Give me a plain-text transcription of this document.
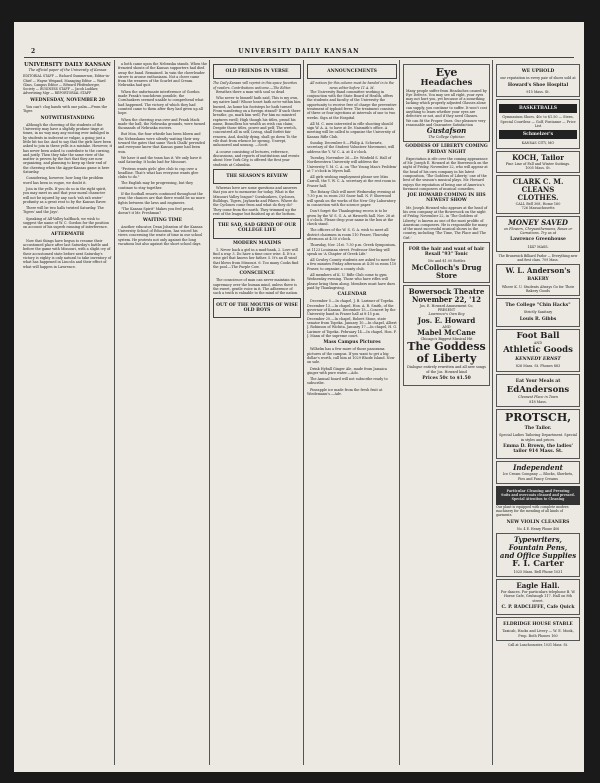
2	UNIVERSITY DAILY KANSAN
UNIVERSITY DAILY KANSAN
The official paper of the University of Kansas
EDITORIAL STAFF — Richard Gummerson, Editor-in-Chief — Wayne Weigand, Managing Editor — Ward Glass, Campus Editor — Edward Pfeifenberger, Society — BUSINESS STAFF — Jacob Ludiker, Advertising Mgr — REPORTORIAL STAFF
WEDNESDAY, NOVEMBER 20

You can't clog hands with one palm.—From the Tiger.

NOTWITHSTANDING

Although the cheering of the students of the University may have a slightly profane tinge at times, in no way may any rooting ever indulged in by students in indecent or vulgar, a going just a little bit too far. And to say that the girls have been asked to join in these yells is a mistake. However, it has never been asked to contribute to the cursing, and justly. Then they take the same view of the matter is proven by the fact that they are now organizing, and planning to keep up their end of the cheering when the Aggie-Kansas game is here Saturday.

Considering, however, how long the problem word has been in vogue, we doubt it.

Join in the yells. If you do so in the right spirit, you may meet us and that your moral character will not be injured by any such 'rah rah water' profanity as a great rent to by the Kansas Eaver.

There will be two halls twisted Saturday. The Tigers' and the Jays'.

Speaking of All-Valley halfback, we wish to suggest the name of W. C. Gordon for the position on account of his superb running of interference.

AFTERMATH

Now that things have begun to resume their accustomed place after last Saturday's battle and before the game with Missouri, with a slight cry of their accustomed state before next Saturday's victory is eighty is only natural to take inventory of what has happened in Lincoln and their effect of what will happen in Lawrence.

a both came upon the Nebraska stands. When the frenzied shouts of the Kansas supporters had died away the band. Remained. In vain the cheerleader strove to arouse enthusiasm. Not a cheer came from the wearers of the Scarlet and Cream. Nebraska had quit.

When the unfortunate interference of Gordon made Frank's touchdown possible, the Cornhuskers seemed unable to comprehend what had happened. The victory of which they had counted came to them after they had given up all hope.

When the cheering was over and Frank Mack made the ball, the Nebraska grounds, were turned thousands of Nebraska rooters.

But Mon, the four whistle has been blown and the Nebraskans were silently waiting their way toward the gates that same 'Rock Chalk' pervaded and everyone knew that Kansas game had been won.

We have it and the team has it. We only have it said Saturday. It looks bad for Missouri.

"Proteus wants girls' glee club to cup over a headline. That's what has everyone wants glee clubs to do."

The English may be progressing, but they continue to stay together.

If the football resorts continued throughout the year, the chances are that there would be no more fights between the laws and engineers.

"The Kansas Spirit" Makes you feel proud, doesn't it Mr. Freshman?

WAITING TIME

Another educator, Dean Johnston of the Kansas University School of Education, has voiced his views concerning the waste of time in our school system. He protests not only against the long vacations but also against the short school days.

OLD FRIENDS IN VERSE
The Daily Kansan will reprint in this space favorites of readers. Contributions welcome.—The Editor.

Breathes there a man with soul so dead

Who never to himself hath said, This is my own, my native land! Whose heart hath ne'er within him burned, As home his footsteps he hath turned From wandering on a foreign strand? If such there breathe, go, mark him well; For him no minstrel raptures swell; High though his titles, proud his name, Boundless his wealth as wish can claim; Despite those titles, power and pelf, The wretch, concentred all in self, Living, shall forfeit fair renown, And, doubly dying, shall go down To the vile dust from whence he sprung, Unwept, unhonored and unsung. —Scott.

A course consisting of lectures, reference, discussions, and reports of institutions and events about New York City, is offered the first year students at Columbia.

THE SEASON'S REVIEW

Whereas here are some questions and answers that you are to memorize for today. What is the Missouri Valley league? Cornhuskers, Cyclones, Bulldogs, Tigers, Jayhawks and Pikers. Where do the Cyclones come from and what do they do? They come from the north. They trimmed up the rest of the league but finished up at the bottom.

THE SAD, SAD GRIND OF OUR COLLEGE LIFE
MODERN MAXIMS

1. Never back a girl in a mud-bank, 2. Love will find a way. 3. Do have a time once wise. 4. It's a wise girl that knows her father. 5. It's an ill wind that blows from Missouri. 6. Too many Cooks find the pool.—The Purple Cow.

CONSCIENCE

The conscience of man can never maintain its supremacy over the human mind, unless there is the sweet, gentle voice in it. The adherence of such a truth is valuable to the mind of the nation.

OUT OF THE MOUTHS OF WISE OLD BOYS
ANNOUNCEMENTS
All notices for this column must be handed in to the news editor before 11 A. M.

The University Band committee working in conjunction with the State Board of Health, offers the students and faculty of the University the opportunity to receive free of charge the preventive treatment of typhoid fever. The treatment consists of three or four injections at intervals of one to two weeks. Sign at the Hospital.

All M. C. men interested in rifle shooting should sign W. A. A. to have at Dr. Naismith's office. A meeting will be called to organize the University of Kansas Rifle Club.

Sunday, December 8.—Philip A. Schwartz, secretary of the Student Volunteer Movement, will address the Y. W. C. A. at 4 o'clock.

Tuesday, November 26.—Dr. Winfield S. Hall of Northwestern University will address the University Y. M. C. A. on 'The Young Man's Problem' at 7 o'clock in Myers hall.

All girls wishing employment please see Miss Carroll, the Y. W. C. A. secretary at the rest room in Fraser hall.

The Botany Club will meet Wednesday evening at 7:30 p.m. in room 203 Snow hall. N. P. Sherwood will speak on the works of the New City Laboratory in connection with the science paper.

Don't forget the Thanksgiving recess is to be given by the W. S. G. A. at Haworth hall. Nov. 26 at 8 o'clock. Please drop your name in the box at the check stand.

The officers of the W. S. G. A. wish to meet all district chairmen in room 110 Fraser, Thursday afternoon at 4:30 o'clock.

Thursday, Nov. 21st. 7:30 p.m. Greek Symposium, at 1123 Louisiana street. Professor Sterling will speak on 'A Chapter of Greek Life.'

All Cowley County students are asked to meet for a few minutes Friday afternoon at 4:30 in room 110 Fraser, to organize a county club.

All members of K. U. Rifle Club come to gym Wednesday evening. Those who have rifles will please bring them along. Members must have dues paid by Thanksgiving.

CALENDAR

December 5.—In chapel, J. B. Larimer of Topeka. December 13.—In chapel, Hon. A. R. Smith, of the governor of Kansas. December 15.—Concert by the University band in Fraser hall at 8:15 p.m. December 20.—In chapel, Robert Stone, state senator from Topeka. January 10.—In chapel, Albert J. Robinson of Wichita. January 17.—In chapel, H. G. Larimer of Topeka. February 14.—In chapel, Hon. F. J. Mann of the supreme court.

Mass Campus Pictures

Wilhelm has a few more of those panorama pictures of the campus. If you want to get a big dollar's worth, call him at 1029 Rhode Island. Now on sale.

Drink Hyball Ginger Ale, made from Jamaica ginger with pure water.—Ado.

The Annual board will not subscribe ready to subscribe.

Pineapple ice made from the fresh fruit at Wiedemann's.—Adv.

Eye
Headaches
Many people suffer from Headaches caused by Eye Defects. You may see all right, your eyes may not hurt you, yet because of a something lacking which properly adjusted Glasses alone can supply, you continue to suffer. It won't cost anything to learn whether your eyes are defective or not, and if they need Glasses.
We can fit the Proper Ones. Our pleasure very reasonable and Guarantee Satisfaction
Gustafson
The College Optician
GODDESS OF LIBERTY COMING FRIDAY NIGHT

Expectation is rife over the coming appearance of Mr. Joseph E. Howard at the Bowersock on the night of Friday, November 22, who will appear at the head of his own company in his latest composition, 'The Goddess of Liberty,' one of the best of the season's musical plays. Mr. Howard enjoys the reputation of being one of America's foremost composers of musical comedies.

JOE HOWARD COMING IN HIS NEWEST SHOW

Mr. Joseph Howard who appears at the head of his own company at the Bowersock on the night of Friday, November 22, in 'The Goddess of Liberty,' is known as one of the most prolific of American composers. He is responsible for many of the most successful musical shows in the country, including 'The Time, The Place and The Girl.'

FOR the hair and want of hair Rexall "93" Tonic
50c and $1.00 Bottles
McColloch's Drug Store
Bowersock Theatre
November 22, '12
Jos. E. Howard Amusement Co.
PRESENT
Lawrence's Own Boy
Jos. E. Howard
AND
Mabel McCane
Chicago's Biggest Musical Hit
The Goddess
of Liberty
Dialogue entirely rewritten and all new songs of the Jos. Howard kind
Prices 50c to $1.50
WE UPHOLD
our reputation in every pair of shoes sold at
Howard's Shoe Hospital
915 Mass. St.
BASKETBALLS
Gymnasium Shoes, 40c to $1.50 — Stern, Special Courtless — Golf, Fontanne — Price List
Schmelzer's
KANSAS CITY, MO
KOCH, Tailor
Fine Line of Fall and Winter Suitings.
1005 Mass. St.
CLARK C. M.
CLEANS
CLOTHES.
CALL Bell 308, Home 160
726 Massachusetts
MONEY SAVED
on Flowers, Chrysanthemums, Roses or Carnations. Try us at
Lawrence Greenhouse
1447 MASS.
The Brunswick Billiard Parlor — Everything new and first class. 709 Mass.
W. L. Anderson's
BAKERY
Where K. U. Students Always Go for Their Bakery Goods
The College "Chin Hacks"
Strictly Sanitary
Louis R. Gibbs
Foot Ball
AND
Athletic Goods
KENNEDY ERNST
826 Mass. St. Phones 883
Eat Your Meals at
EdAndersons
Cleanest Place in Town
818 Mass.
PROTSCH,
The Tailor.
Special Ladies Tailoring Department. Special in styles and prices.
Emma D. Brown, the ladies' tailor 914 Mass. St.
Independent
Ice Cream Company — Blocks, Sherbets, Pies and Fancy Creams
Particular Cleaning and Pressing
Suits and overcoats cleaned and pressed. Special Attention to Cleaning
Our plant is equipped with complete modern machinery for the mending of all kinds of garments.
NEW VIOLIN CLEANERS
No. 4 E. Henry Phone 406
Typewriters,
Fountain Pens,
and Office Supplies
F. I. Carter
1025 Mass. Bell Phone 1031
Eagle Hall.
For dances. For particulars telephone B. W. Horne Cafe, Grubaugh 117. Hall on 8th street.
C. P. RADCLIFFE, Cafe Quick
ELDRIDGE HOUSE STABLE
Taxicab, Hacks and Livery — W. E. Monk, Prop. Both Phones 160
Call at Lunchcounter, 1031 Mass. St.
